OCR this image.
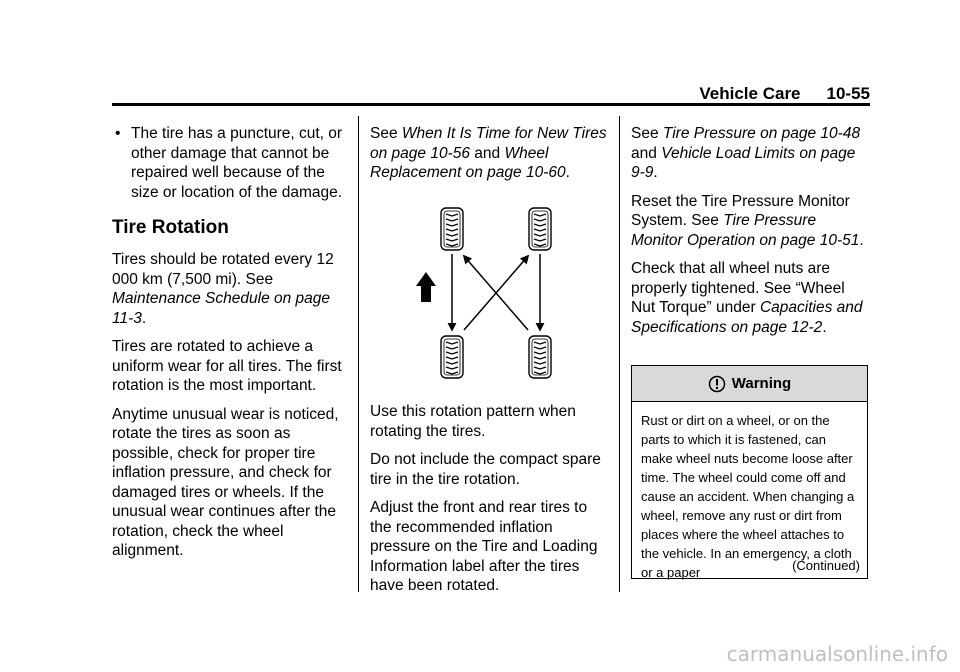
Vehicle Care 10-55
• The tire has a puncture, cut, or other damage that cannot be repaired well because of the size or location of the damage.
Tire Rotation

Tires should be rotated every 12 000 km (7,500 mi). See Maintenance Schedule on page 11-3.

Tires are rotated to achieve a uniform wear for all tires. The first rotation is the most important.

Anytime unusual wear is noticed, rotate the tires as soon as possible, check for proper tire inflation pressure, and check for damaged tires or wheels. If the unusual wear continues after the rotation, check the wheel alignment.

See When It Is Time for New Tires on page 10-56 and Wheel Replacement on page 10-60.

Use this rotation pattern when rotating the tires.

Do not include the compact spare tire in the tire rotation.

Adjust the front and rear tires to the recommended inflation pressure on the Tire and Loading Information label after the tires have been rotated.

See Tire Pressure on page 10-48 and Vehicle Load Limits on page 9-9.

Reset the Tire Pressure Monitor System. See Tire Pressure Monitor Operation on page 10-51.

Check that all wheel nuts are properly tightened. See “Wheel Nut Torque” under Capacities and Specifications on page 12-2.

Warning
Rust or dirt on a wheel, or on the parts to which it is fastened, can make wheel nuts become loose after time. The wheel could come off and cause an accident. When changing a wheel, remove any rust or dirt from places where the wheel attaches to the vehicle. In an emergency, a cloth or a paper	(Continued)
carmanualsonline.info
